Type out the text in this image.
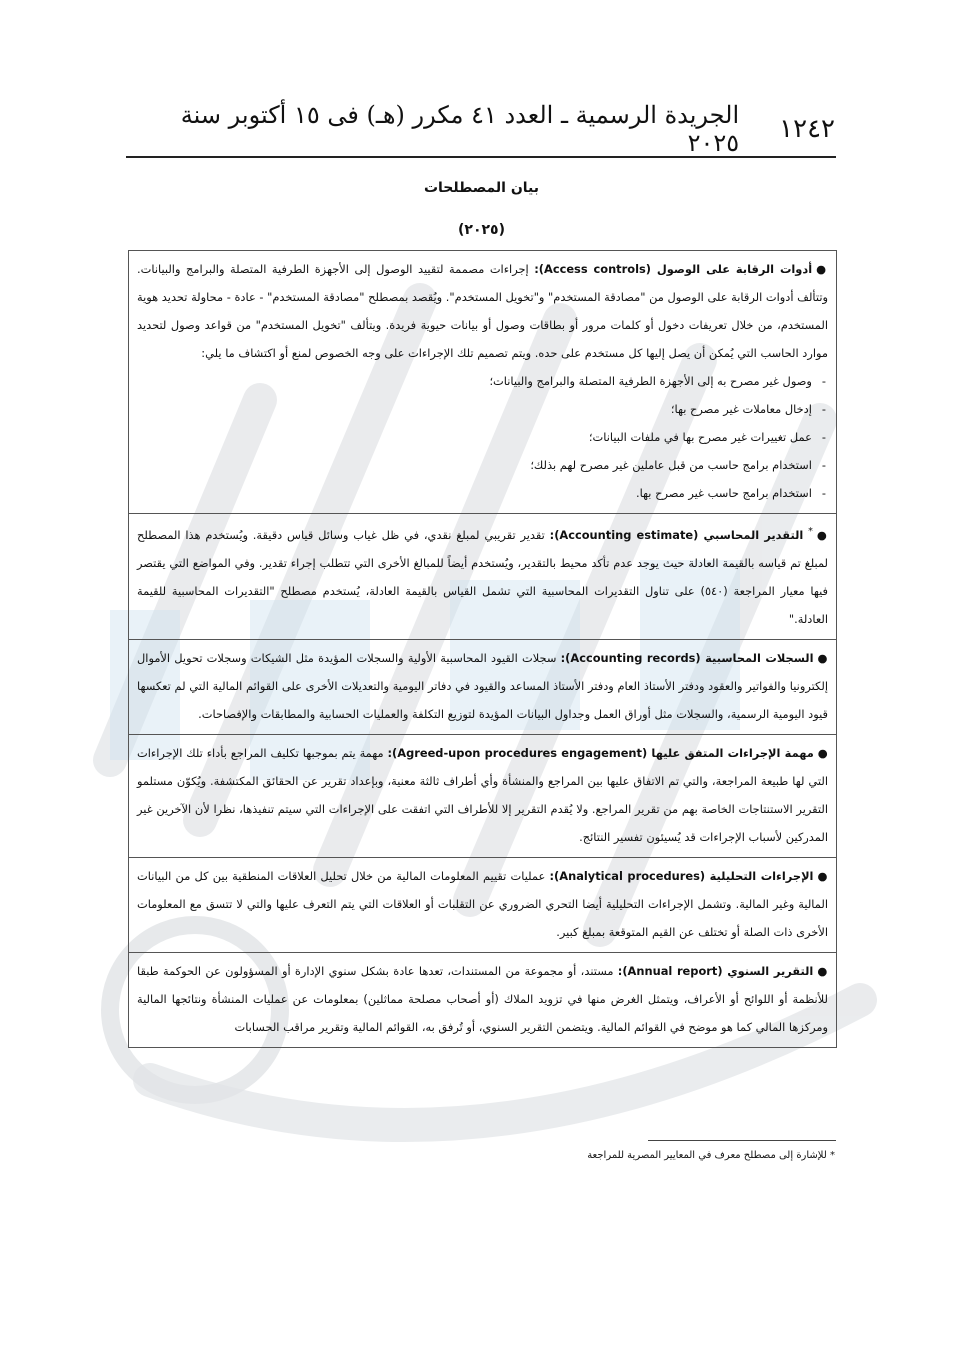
١٢٤٢
الجريدة الرسمية ـ العدد ٤١ مكرر (هـ) فى ١٥ أكتوبر سنة ٢٠٢٥
بيان المصطلحات
(٢٠٢٥)
●أدوات الرقابة على الوصول (Access controls): إجراءات مصممة لتقييد الوصول إلى الأجهزة الطرفية المتصلة والبرامج والبيانات. وتتألف أدوات الرقابة على الوصول من "مصادقة المستخدم" و"تخويل المستخدم". ويُقصد بمصطلح "مصادقة المستخدم" - عادة - محاولة تحديد هوية المستخدم، من خلال تعريفات دخول أو كلمات مرور أو بطاقات وصول أو بيانات حيوية فريدة. ويتألف "تخويل المستخدم" من قواعد وصول لتحديد موارد الحاسب التي يُمكن أن يصل إليها كل مستخدم على حده. ويتم تصميم تلك الإجراءات على وجه الخصوص لمنع أو اكتشاف ما يلي:
- وصول غير مصرح به إلى الأجهزة الطرفية المتصلة والبرامج والبيانات؛
- إدخال معاملات غير مصرح بها؛
- عمل تغييرات غير مصرح بها في ملفات البيانات؛
- استخدام برامج حاسب من قبل عاملين غير مصرح لهم بذلك؛
- استخدام برامج حاسب غير مصرح بها.
●* التقدير المحاسبي (Accounting estimate): تقدير تقريبي لمبلغ نقدي، في ظل غياب وسائل قياس دقيقة. ويُستخدم هذا المصطلح لمبلغ تم قياسه بالقيمة العادلة حيث يوجد عدم تأكد محيط بالتقدير، ويُستخدم أيضاً للمبالغ الأخرى التي تتطلب إجراء تقدير. وفي المواضع التي يقتصر فيها معيار المراجعة (٥٤٠) على تناول التقديرات المحاسبية التي تشمل القياس بالقيمة العادلة، يُستخدم مصطلح "التقديرات المحاسبية للقيمة العادلة."
●السجلات المحاسبية (Accounting records): سجلات القيود المحاسبية الأولية والسجلات المؤيدة مثل الشيكات وسجلات تحويل الأموال إلكترونيا والفواتير والعقود ودفتر الأستاذ العام ودفتر الأستاذ المساعد والقيود في دفاتر اليومية والتعديلات الأخرى على القوائم المالية التي لم تعكسها قيود اليومية الرسمية، والسجلات مثل أوراق العمل وجداول البيانات المؤيدة لتوزيع التكلفة والعمليات الحسابية والمطابقات والإفصاحات.
●مهمة الإجراءات المتفق عليها (Agreed-upon procedures engagement): مهمة يتم بموجبها تكليف المراجع بأداء تلك الإجراءات التي لها طبيعة المراجعة، والتي تم الاتفاق عليها بين المراجع والمنشأة وأي أطراف ثالثة معنية، وبإعداد تقرير عن الحقائق المكتشفة. ويُكوّن مستلمو التقرير الاستنتاجات الخاصة بهم من تقرير المراجع. ولا يُقدم التقرير إلا للأطراف التي اتفقت على الإجراءات التي سيتم تنفيذها، نظرا لأن الآخرين غير المدركين لأسباب الإجراءات قد يُسيئون تفسير النتائج.
●الإجراءات التحليلية (Analytical procedures): عمليات تقييم المعلومات المالية من خلال تحليل العلاقات المنطقية بين كل من البيانات المالية وغير المالية. وتشمل الإجراءات التحليلية أيضا التحري الضروري عن التقلبات أو العلاقات التي يتم التعرف عليها والتي لا تتسق مع المعلومات الأخرى ذات الصلة أو تختلف عن القيم المتوقعة بمبلغ كبير.
●التقرير السنوي (Annual report): مستند، أو مجموعة من المستندات، تعدها عادة بشكل سنوي الإدارة أو المسؤولون عن الحوكمة طبقا للأنظمة أو اللوائح أو الأعراف، ويتمثل الغرض منها في تزويد الملاك (أو أصحاب مصلحة مماثلين) بمعلومات عن عمليات المنشأة ونتائجها المالية ومركزها المالي كما هو موضح في القوائم المالية. ويتضمن التقرير السنوي، أو تُرفق به، القوائم المالية وتقرير مراقب الحسابات
* للإشارة إلى مصطلح معرف في المعايير المصرية للمراجعة
